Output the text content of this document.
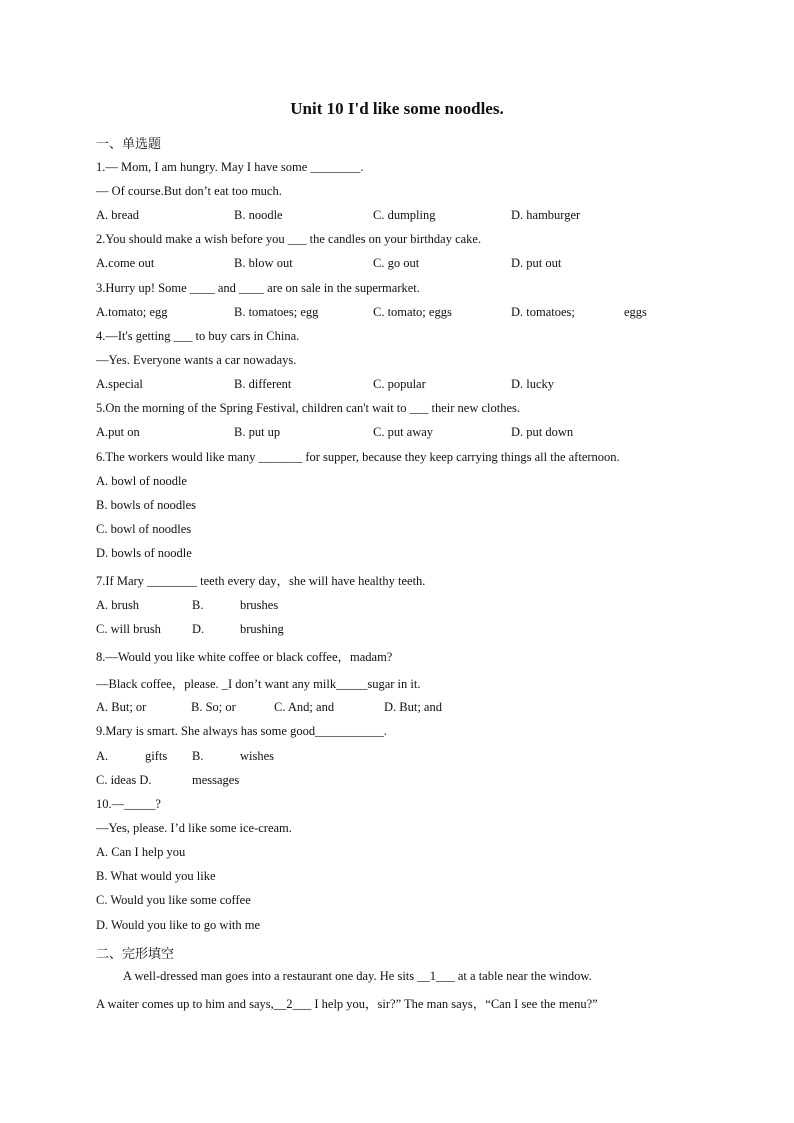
Unit 10 I'd like some noodles.
一、单选题
1.— Mom, I am hungry. May I have some ________.
— Of course.But don’t eat too much.
A. bread	B. noodle	C. dumpling	D. hamburger
2.You should make a wish before you ___ the candles on your birthday cake.
A.come out	B. blow out	C. go out	D. put out
3.Hurry up! Some ____ and ____ are on sale in the supermarket.
A.tomato; egg	B. tomatoes; egg	C. tomato; eggs	D. tomatoes;	eggs
4.—It's getting ___ to buy cars in China.
—Yes. Everyone wants a car nowadays.
A.special	B. different	C. popular	D. lucky
5.On the morning of the Spring Festival, children can't wait to ___ their new clothes.
A.put on	B. put up	C. put away	D. put down
6.The workers would like many _______ for supper, because they keep carrying things all the afternoon.
A. bowl of noodle
B. bowls of noodles
C. bowl of noodles
D. bowls of noodle
7.If Mary ________ teeth every day，she will have healthy teeth.
A. brush	B.	brushes
C. will brush D.	brushing
8.—Would you like white coffee or black coffee，madam?
—Black coffee，please. _I don’t want any milk_____sugar in it.
A. But; or	B. So; or	C. And; and	D. But; and
9.Mary is smart. She always has some good___________.
A.	gifts B.	wishes
C. ideas D.	messages
10.—_____?
—Yes, please. I’d like some ice-cream.
A. Can I help you
B. What would you like
C. Would you like some coffee
D. Would you like to go with me
二、完形填空
A well-dressed man goes into a restaurant one day. He sits __1___ at a table near the window.
A waiter comes up to him and says,__2___ I help you，sir?” The man says，“Can I see the menu?”
